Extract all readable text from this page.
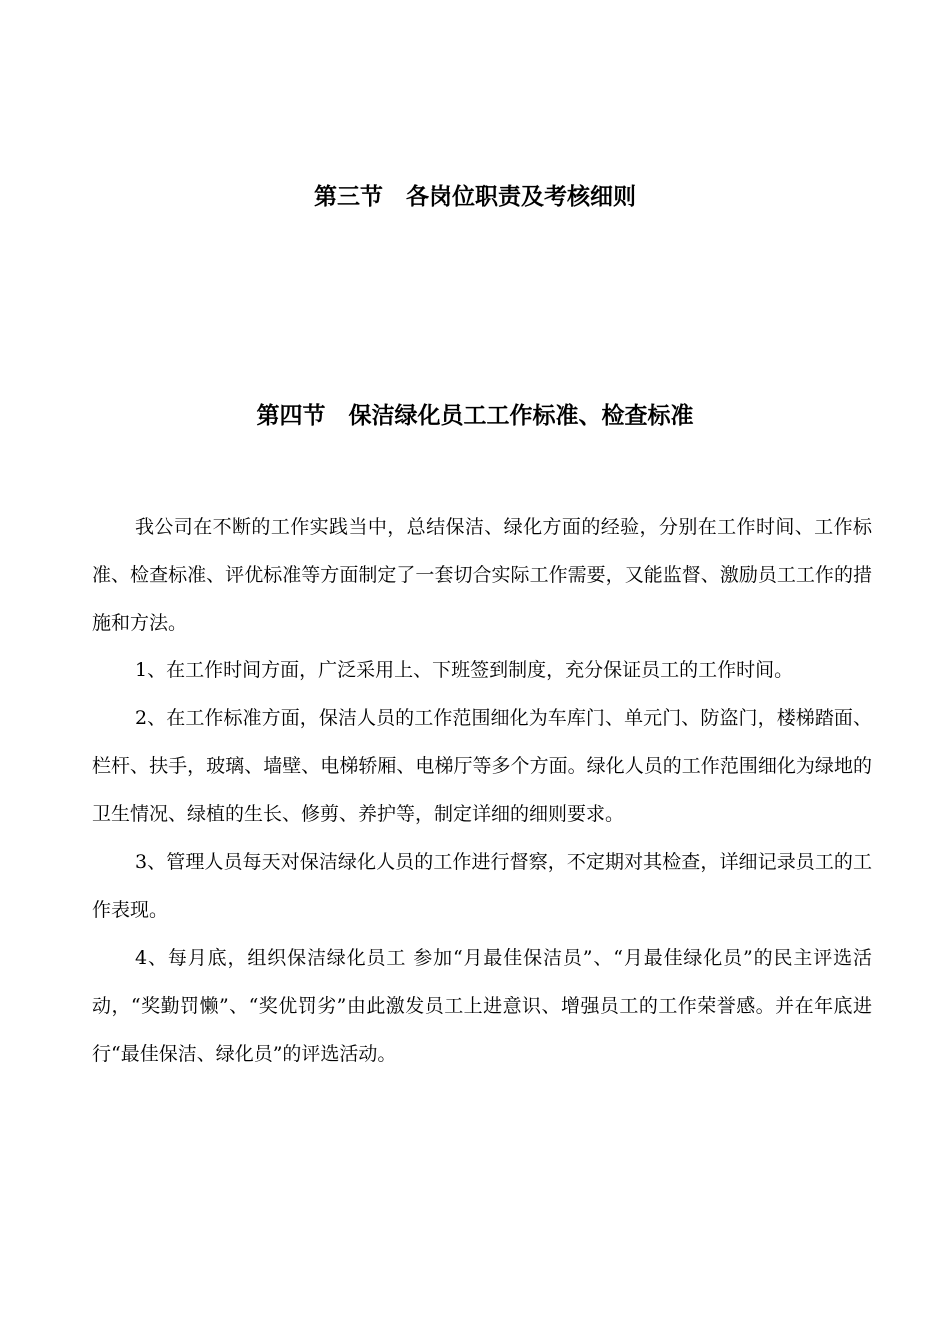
第三节　各岗位职责及考核细则
第四节　保洁绿化员工工作标准、检查标准

我公司在不断的工作实践当中，总结保洁、绿化方面的经验，分别在工作时间、工作标准、检查标准、评优标准等方面制定了一套切合实际工作需要，又能监督、激励员工工作的措施和方法。

1、在工作时间方面，广泛采用上、下班签到制度，充分保证员工的工作时间。

2、在工作标准方面，保洁人员的工作范围细化为车库门、单元门、防盗门，楼梯踏面、栏杆、扶手，玻璃、墙壁、电梯轿厢、电梯厅等多个方面。绿化人员的工作范围细化为绿地的卫生情况、绿植的生长、修剪、养护等，制定详细的细则要求。

3、管理人员每天对保洁绿化人员的工作进行督察，不定期对其检查，详细记录员工的工作表现。

4、每月底，组织保洁绿化员工 参加“月最佳保洁员”、“月最佳绿化员”的民主评选活动，“奖勤罚懒”、“奖优罚劣”由此激发员工上进意识、增强员工的工作荣誉感。并在年底进行“最佳保洁、绿化员”的评选活动。
